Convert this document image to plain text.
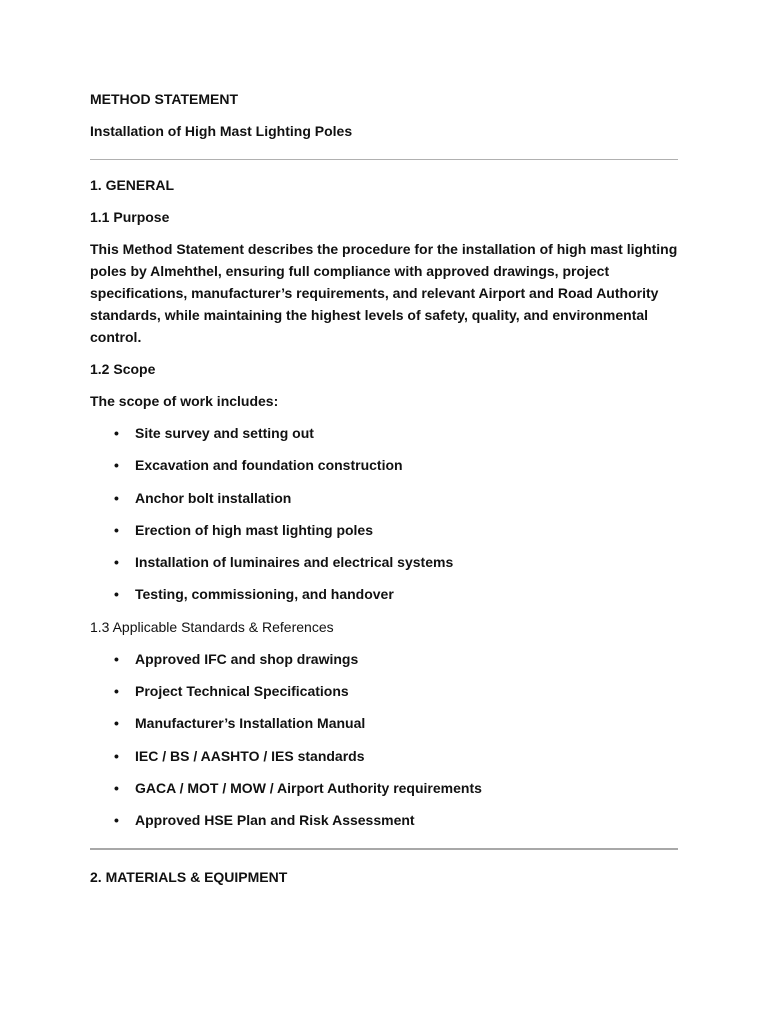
METHOD STATEMENT

Installation of High Mast Lighting Poles

1. GENERAL

1.1 Purpose

This Method Statement describes the procedure for the installation of high mast lighting poles by Almehthel, ensuring full compliance with approved drawings, project specifications, manufacturer’s requirements, and relevant Airport and Road Authority standards, while maintaining the highest levels of safety, quality, and environmental control.

1.2 Scope

The scope of work includes:

• Site survey and setting out
• Excavation and foundation construction
• Anchor bolt installation
• Erection of high mast lighting poles
• Installation of luminaires and electrical systems
• Testing, commissioning, and handover

1.3 Applicable Standards & References

• Approved IFC and shop drawings
• Project Technical Specifications
• Manufacturer’s Installation Manual
• IEC / BS / AASHTO / IES standards
• GACA / MOT / MOW / Airport Authority requirements
• Approved HSE Plan and Risk Assessment

2. MATERIALS & EQUIPMENT
